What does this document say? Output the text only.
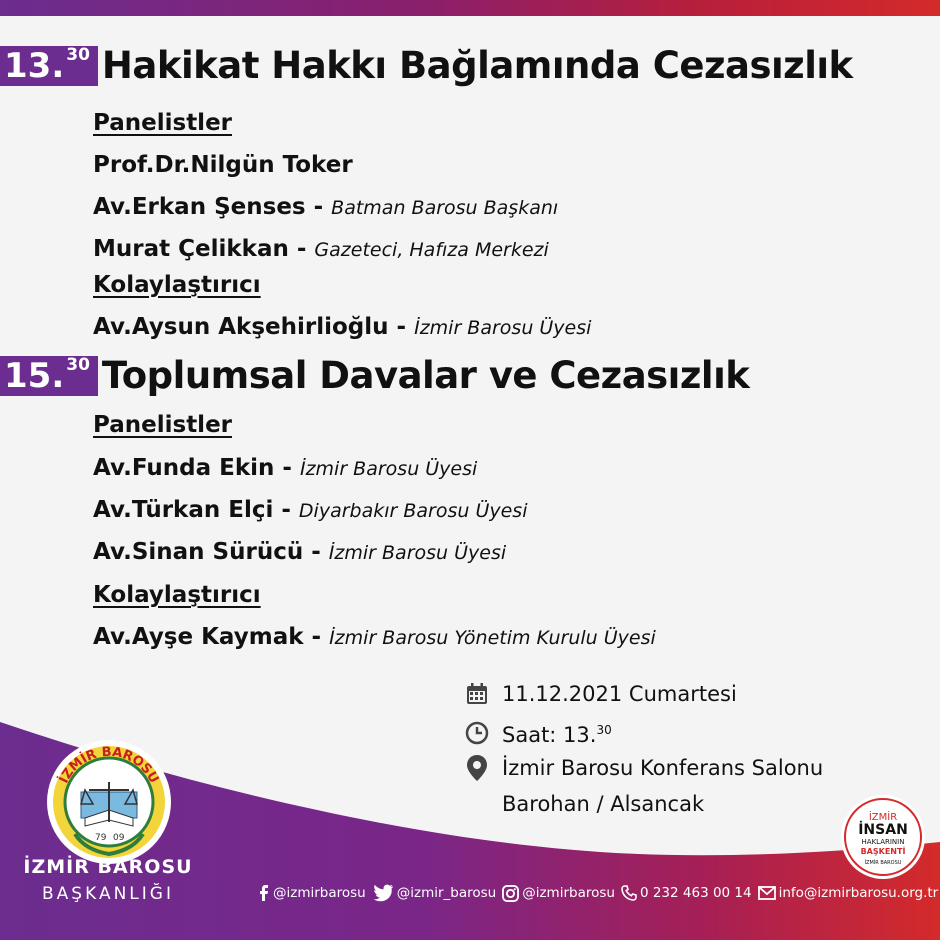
13.30 Hakikat Hakkı Bağlamında Cezasızlık
Panelistler
Prof.Dr.Nilgün Toker
Av.Erkan Şenses - Batman Barosu Başkanı
Murat Çelikkan - Gazeteci, Hafıza Merkezi
Kolaylaştırıcı
Av.Aysun Akşehirlioğlu - İzmir Barosu Üyesi
15.30 Toplumsal Davalar ve Cezasızlık
Panelistler
Av.Funda Ekin - İzmir Barosu Üyesi
Av.Türkan Elçi - Diyarbakır Barosu Üyesi
Av.Sinan Sürücü - İzmir Barosu Üyesi
Kolaylaştırıcı
Av.Ayşe Kaymak - İzmir Barosu Yönetim Kurulu Üyesi
11.12.2021 Cumartesi
Saat: 13.30
İzmir Barosu Konferans Salonu
Barohan / Alsancak
İZMİR BAROSU
79 09
İZMİR BAROSU
BAŞKANLIĞI
İZMİR
İNSAN
HAKLARININ
BAŞKENTİ
İZMİR BAROSU
@izmirbarosu @izmir_barosu @izmirbarosu 0 232 463 00 14 info@izmirbarosu.org.tr
